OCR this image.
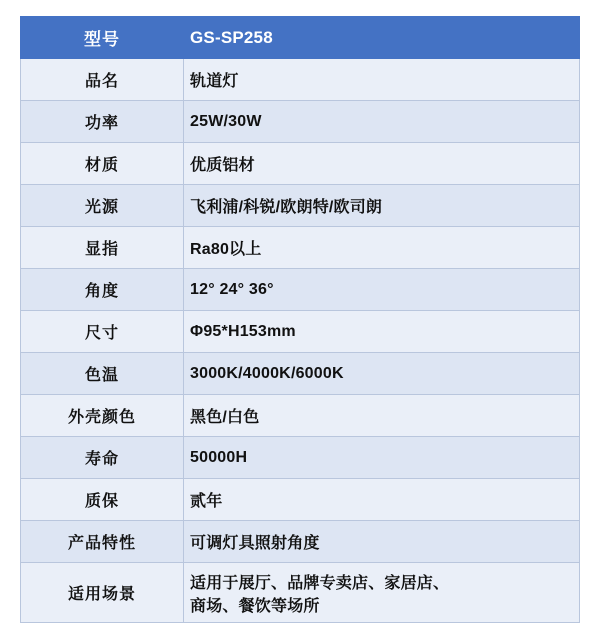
型号	GS-SP258
品名	轨道灯
功率	25W/30W
材质	优质铝材
光源	飞利浦/科锐/欧朗特/欧司朗
显指	Ra80以上
角度	12° 24° 36°
尺寸	Φ95*H153mm
色温	3000K/4000K/6000K
外壳颜色	黑色/白色
寿命	50000H
质保	贰年
产品特性	可调灯具照射角度
适用场景	适用于展厅、品牌专卖店、家居店、
商场、餐饮等场所
